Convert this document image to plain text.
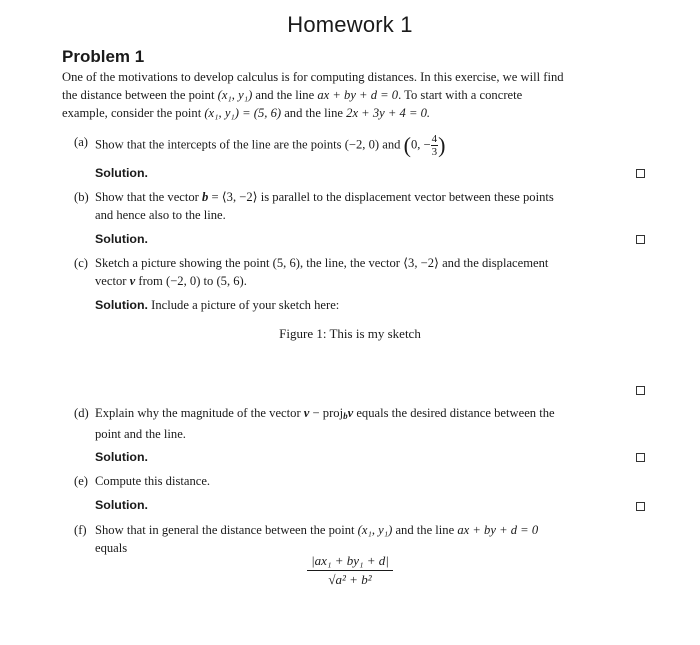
Homework 1
Problem 1
One of the motivations to develop calculus is for computing distances. In this exercise, we will find
the distance between the point (x₁, y₁) and the line ax + by + d = 0. To start with a concrete
example, consider the point (x₁, y₁) = (5, 6) and the line 2x + 3y + 4 = 0.
(a) Show that the intercepts of the line are the points (−2, 0) and (0, − $\frac{4}{3}$ )
Solution.
(b) Show that the vector b = ⟨3, −2⟩ is parallel to the displacement vector between these points
and hence also to the line.
Solution.
(c) Sketch a picture showing the point (5, 6), the line, the vector ⟨3, −2⟩ and the displacement
vector v from (−2, 0) to (5, 6).
Solution. Include a picture of your sketch here:
Figure 1: This is my sketch
(d) Explain why the magnitude of the vector v − proj$_b$v equals the desired distance between the
point and the line.
Solution.
(e) Compute this distance.
Solution.
(f) Show that in general the distance between the point (x₁, y₁) and the line ax + by + d = 0
equals
$\frac{\text{|ax₁ + by₁ + d|}}{\text{√a² + b²}}$
